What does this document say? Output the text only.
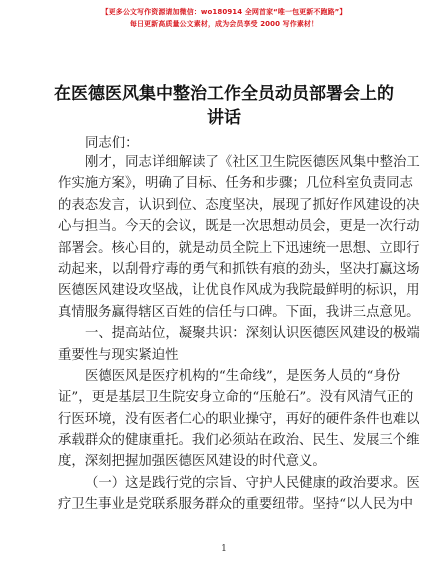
【更多公文写作资源请加微信：wo180914 全网首家“唯一包更新不跑路”】
每日更新高质量公文素材，成为会员享受 2000 写作素材！
在医德医风集中整治工作全员动员部署会上的
讲话
同志们：
刚才，同志详细解读了《社区卫生院医德医风集中整治工
作实施方案》，明确了目标、任务和步骤；几位科室负责同志
的表态发言，认识到位、态度坚决，展现了抓好作风建设的决
心与担当。今天的会议，既是一次思想动员会，更是一次行动
部署会。核心目的，就是动员全院上下迅速统一思想、立即行
动起来，以刮骨疗毒的勇气和抓铁有痕的劲头，坚决打赢这场
医德医风建设攻坚战，让优良作风成为我院最鲜明的标识，用
真情服务赢得辖区百姓的信任与口碑。下面，我讲三点意见。
一、提高站位，凝聚共识：深刻认识医德医风建设的极端
重要性与现实紧迫性
医德医风是医疗机构的“生命线”，是医务人员的“身份
证”，更是基层卫生院安身立命的“压舱石”。没有风清气正的
行医环境，没有医者仁心的职业操守，再好的硬件条件也难以
承载群众的健康重托。我们必须站在政治、民生、发展三个维
度，深刻把握加强医德医风建设的时代意义。
（一）这是践行党的宗旨、守护人民健康的政治要求。医
疗卫生事业是党联系服务群众的重要纽带。坚持“以人民为中
1
